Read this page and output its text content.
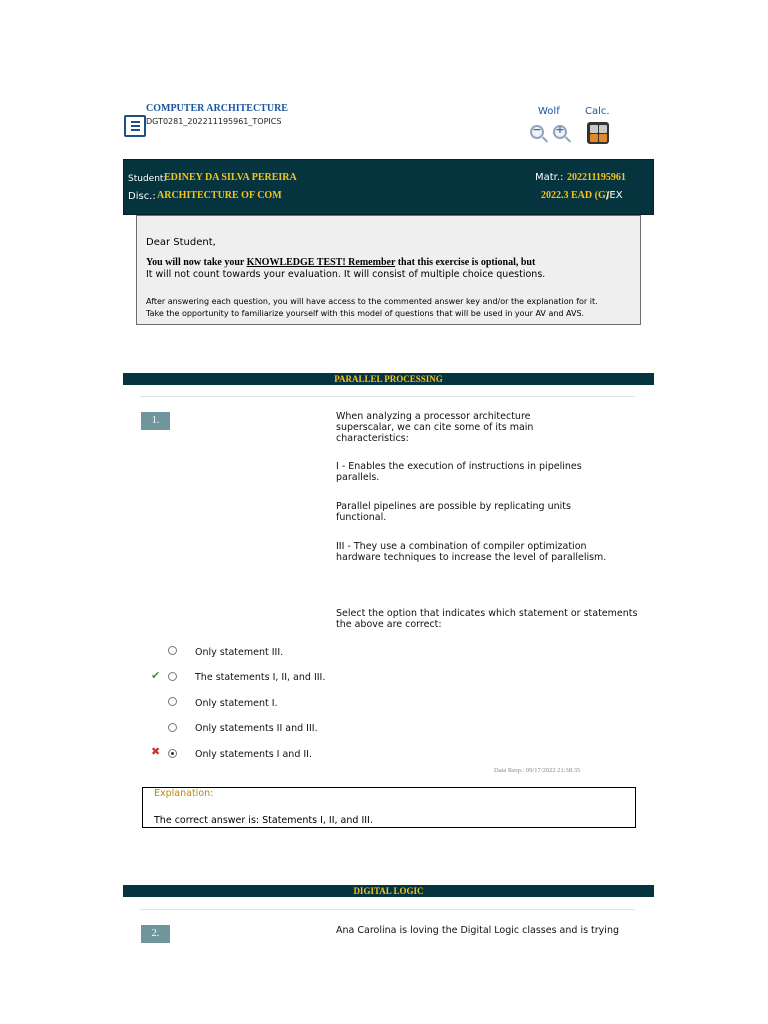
COMPUTER ARCHITECTURE
DGT0281_202211195961_TOPICS
Wolf	Calc.
− +
Student:
EDINEY DA SILVA PEREIRA	Matr.: 202211195961
Disc.: ARCHITECTURE OF COM	2022.3 EAD (G)
/EX
Dear Student,
You will now take your KNOWLEDGE TEST! Remember that this exercise is optional, but
It will not count towards your evaluation. It will consist of multiple choice questions.
After answering each question, you will have access to the commented answer key and/or the explanation for it.
Take the opportunity to familiarize yourself with this model of questions that will be used in your AV and AVS.
PARALLEL PROCESSING
1.	When analyzing a processor architecture
superscalar, we can cite some of its main
characteristics:
I - Enables the execution of instructions in pipelines
parallels.
Parallel pipelines are possible by replicating units
functional.
III - They use a combination of compiler optimization
hardware techniques to increase the level of parallelism.
Select the option that indicates which statement or statements
the above are correct:
Only statement III.
✔	The statements I, II, and III.
Only statement I.
Only statements II and III.
✖	Only statements I and II.
Data Resp.: 09/17/2022 21:38:35
Explanation:
The correct answer is: Statements I, II, and III.
DIGITAL LOGIC
2.	Ana Carolina is loving the Digital Logic classes and is trying
